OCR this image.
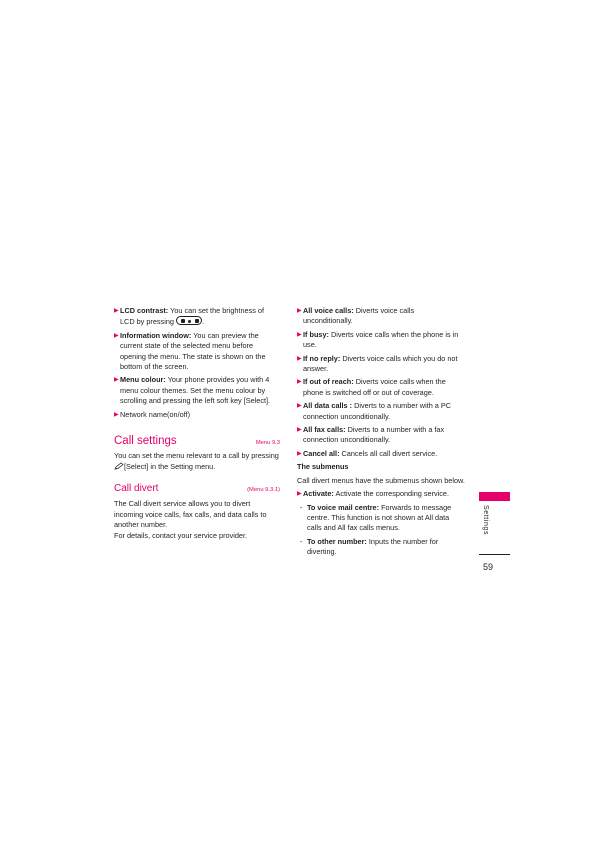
▶ LCD contrast: You can set the brightness of LCD by pressing	.
▶ Information window: You can preview the current state of the selected menu before opening the menu. The state is shown on the bottom of the screen.
▶ Menu colour: Your phone provides you with 4 menu colour themes. Set the menu colour by scrolling and pressing the left soft key [Select].
▶ Network name(on/off)
Call settings	Menu 9.3
You can set the menu relevant to a call by pressing
[Select] in the Setting menu.
Call divert	(Menu 9.3.1)
The Call divert service allows you to divert incoming voice calls, fax calls, and data calls to another number.
For details, contact your service provider.
▶ All voice calls: Diverts voice calls unconditionally.
▶ If busy: Diverts voice calls when the phone is in use.
▶ If no reply: Diverts voice calls which you do not answer.
▶ If out of reach: Diverts voice calls when the phone is switched off or out of coverage.
▶ All data calls : Diverts to a number with a PC connection unconditionally.
▶ All fax calls: Diverts to a number with a fax connection unconditionally.
▶ Cancel all: Cancels all call divert service.
The submenus
Call divert menus have the submenus shown below.
▶ Activate: Activate the corresponding service.
- To voice mail centre: Forwards to message centre. This function is not shown at All data calls and All fax calls menus.
- To other number: Inputs the number for diverting.
Settings
59
